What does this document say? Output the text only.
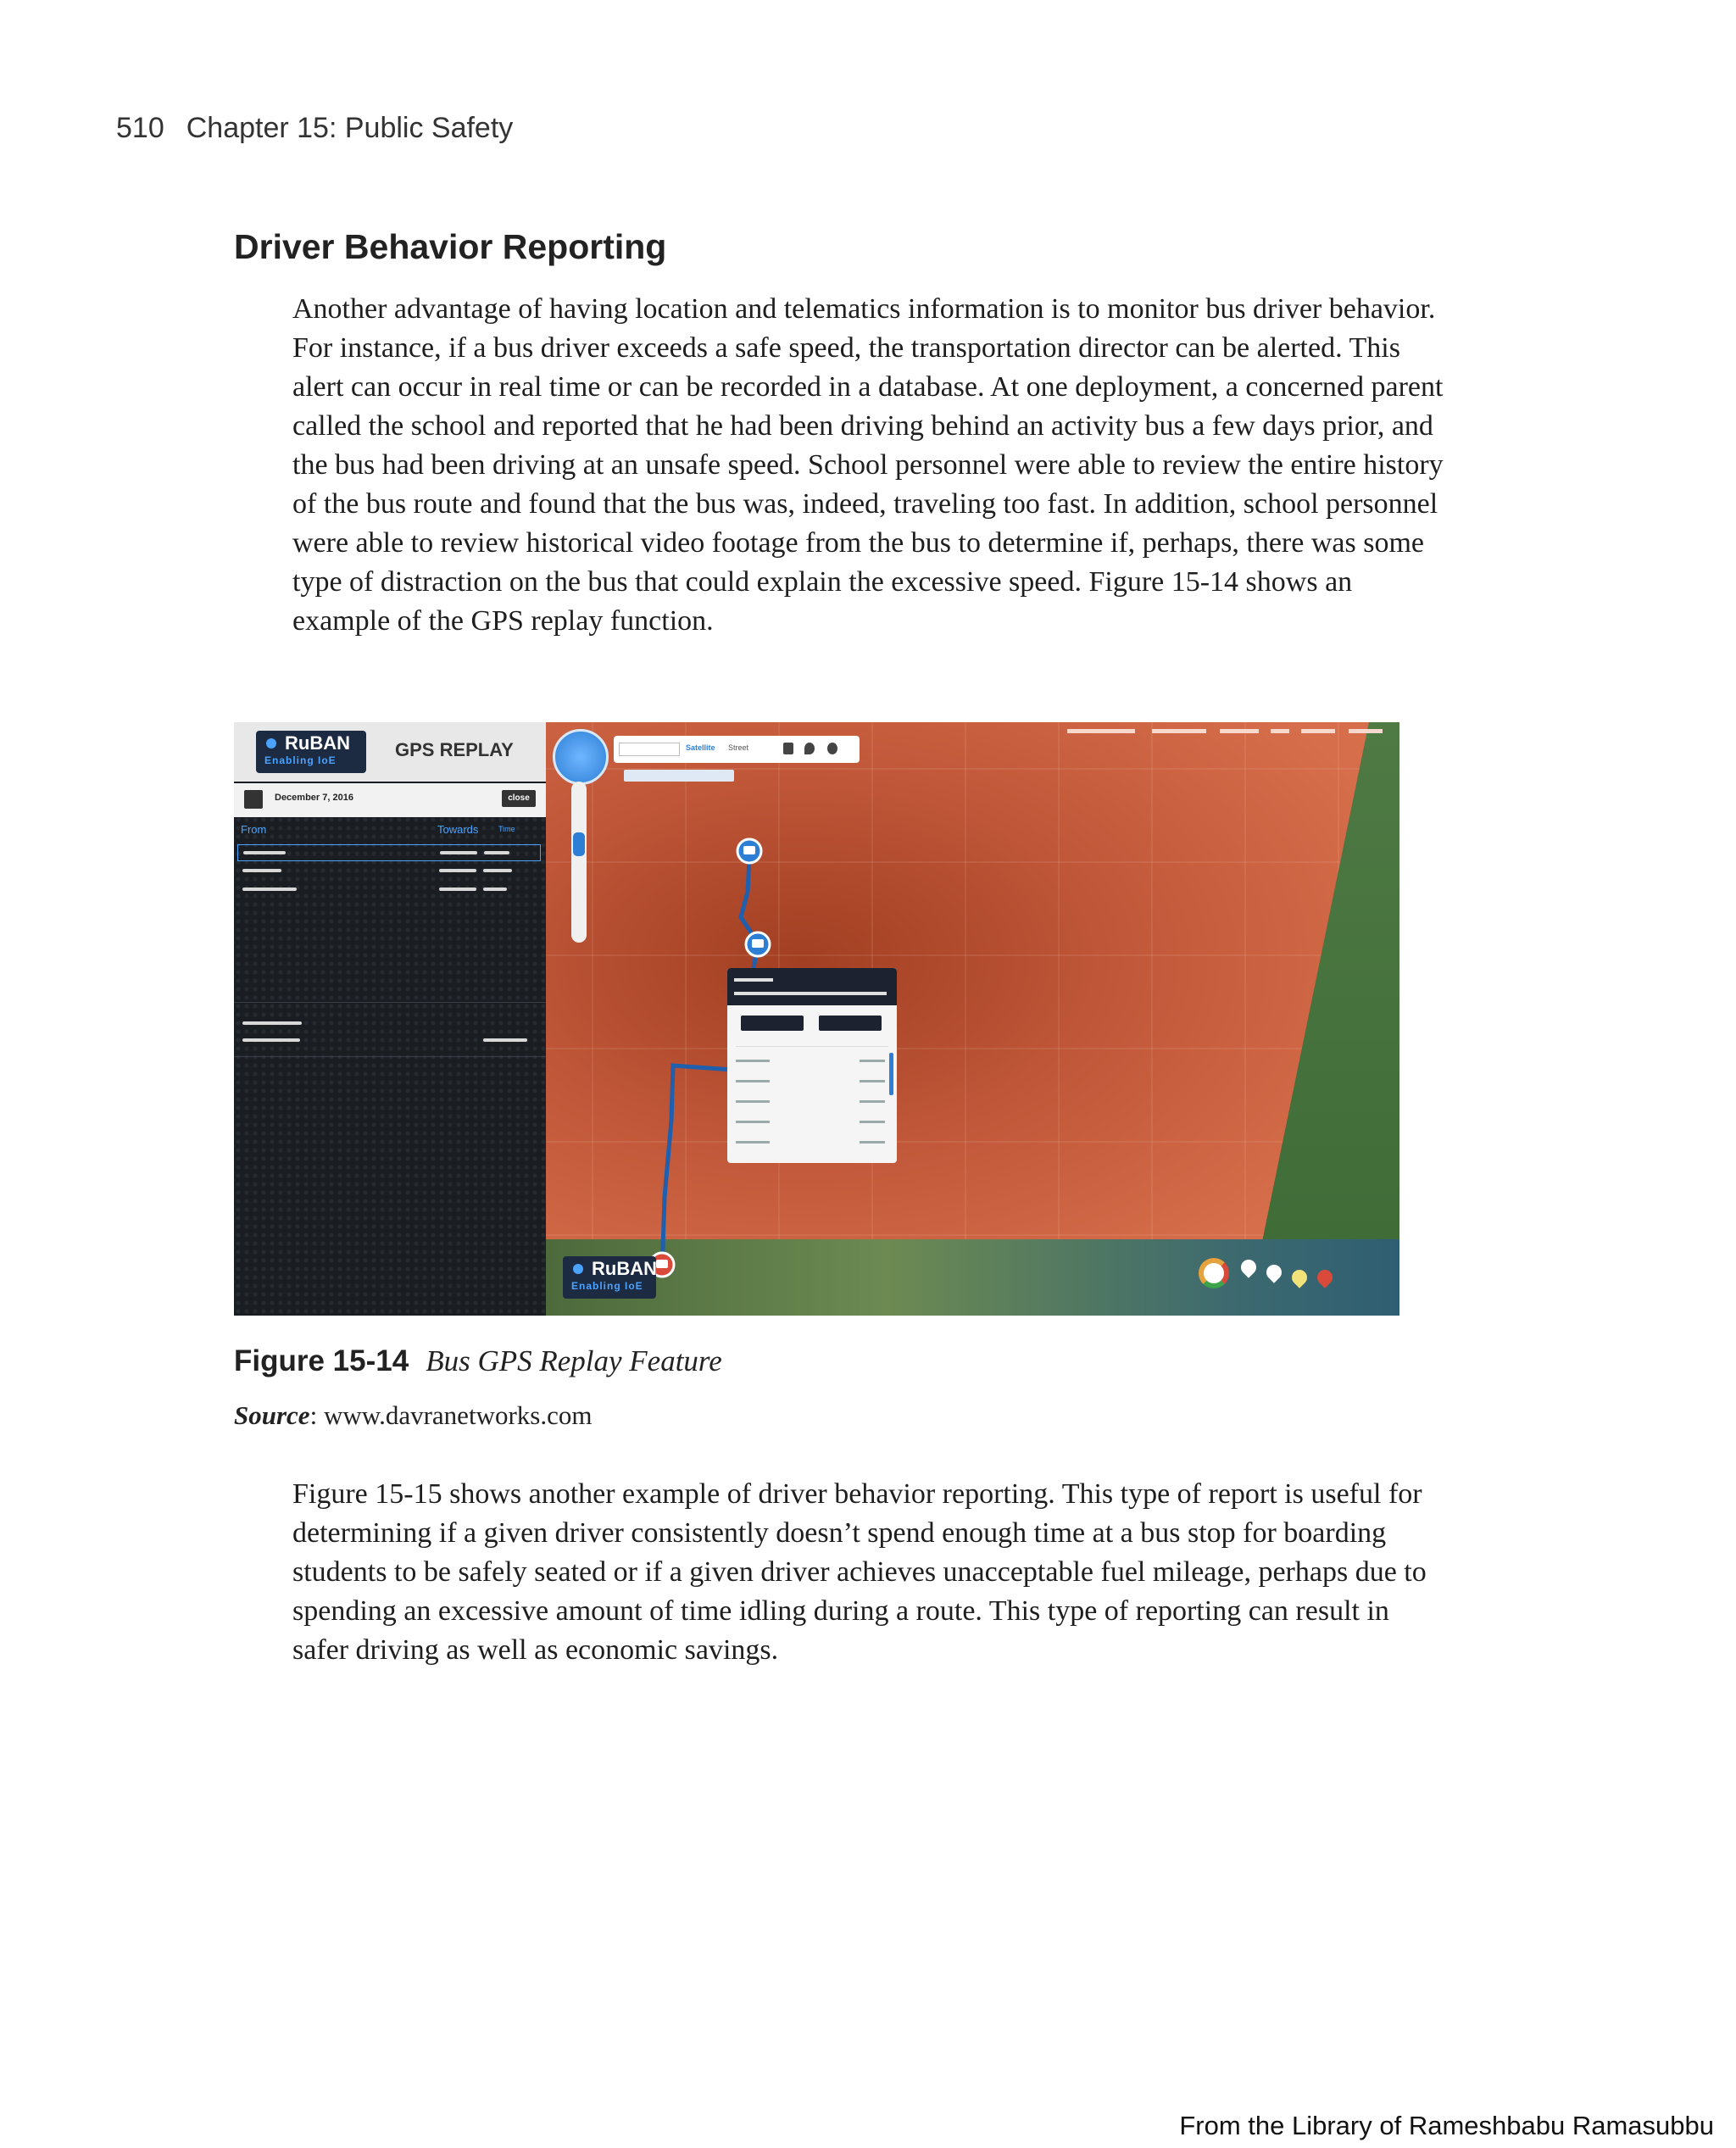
510 Chapter 15: Public Safety
Driver Behavior Reporting

Another advantage of having location and telematics information is to monitor bus driver behavior. For instance, if a bus driver exceeds a safe speed, the transportation director can be alerted. This alert can occur in real time or can be recorded in a database. At one deployment, a concerned parent called the school and reported that he had been driving behind an activity bus a few days prior, and the bus had been driving at an unsafe speed. School personnel were able to review the entire history of the bus route and found that the bus was, indeed, traveling too fast. In addition, school personnel were able to review historical video footage from the bus to determine if, perhaps, there was some type of distraction on the bus that could explain the excessive speed. Figure 15-14 shows an example of the GPS replay function.

RuBAN
Enabling IoE	GPS REPLAY
December 7, 2016	close
From	Towards	Time
Satellite Street
RuBAN
Enabling IoE
Figure 15-14 Bus GPS Replay Feature
Source: www.davranetworks.com

Figure 15-15 shows another example of driver behavior reporting. This type of report is useful for determining if a given driver consistently doesn’t spend enough time at a bus stop for boarding students to be safely seated or if a given driver achieves unacceptable fuel mileage, perhaps due to spending an excessive amount of time idling during a route. This type of reporting can result in safer driving as well as economic savings.

From the Library of Rameshbabu Ramasubbu
